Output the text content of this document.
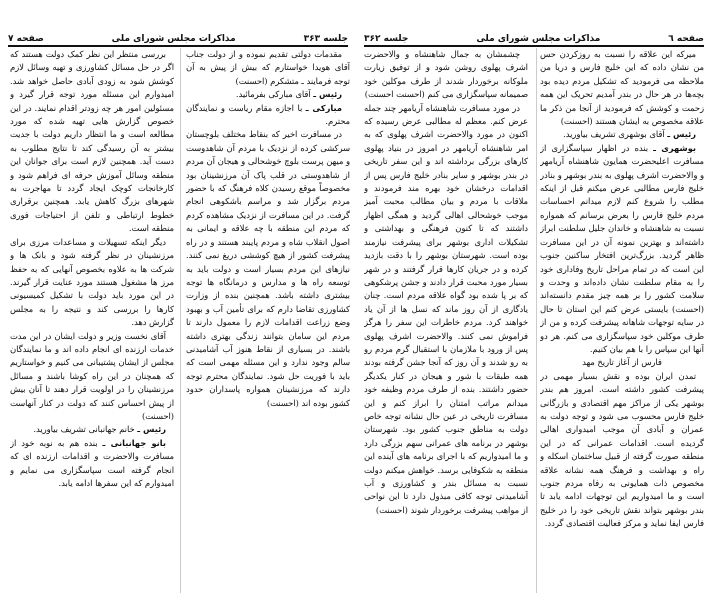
صفحه ٦
مذاکرات مجلس شورای ملی
جلسه ۳۶۲

میرکه این علاقه را نسبت به روزکردن حس من نشان داده که این خلیج فارس و دریا من ملاحظه می فرمودید که تشکیل مردم دیده بود بچه‌ها در هر حال در بندر آمدیم تحریک این همه زحمت و کوشش که فرمودید از آنجا من ذکر ما علاقه مخصوص به ایشان هستند (احسنت)

رئیس ـ آقای بوشهری تشریف بیاورید.

بوشهری ـ بنده در اظهار سپاسگزاری از مسافرت اعلیحضرت همایون شاهنشاه آریامهر و والاحضرت اشرف پهلوی به بندر بوشهر و بنادر خلیج فارس مطالبی عرض میکنم قبل از اینکه مطلب را شروع کنم لازم میدانم احساسات مردم خلیج فارس را بعرض برسانم که همواره نسبت به شاهنشاه و خاندان جلیل سلطنت ابراز داشته‌اند و بهترین نمونه آن در این مسافرت ظاهر گردید. بزرگ‌ترین افتخار ساکنین جنوب این است که در تمام مراحل تاریخ وفاداری خود را به مقام سلطنت نشان داده‌اند و وحدت و سلامت کشور را بر همه چیز مقدم دانسته‌اند (احسنت) بایستی عرض کنم این استان تا حال در سایه توجهات شاهانه پیشرفت کرده و من از طرف موکلین خود سپاسگزاری می کنم. هر دو آنها این سپاس را با هم بیان کنیم.

فارس از آغاز تاریخ مهد

تمدن ایران بوده و نقش بسیار مهمی در پیشرفت کشور داشته است. امروز هم بندر بوشهر یکی از مراکز مهم اقتصادی و بازرگانی خلیج فارس محسوب می شود و توجه دولت به عمران و آبادی آن موجب امیدواری اهالی گردیده است. اقدامات عمرانی که در این منطقه صورت گرفته از قبیل ساختمان اسکله و راه و بهداشت و فرهنگ همه نشانه علاقه مخصوص ذات همایونی به رفاه مردم جنوب است و ما امیدواریم این توجهات ادامه یابد تا بندر بوشهر بتواند نقش تاریخی خود را در خلیج فارس ایفا نماید و مرکز فعالیت اقتصادی گردد.

چشمشان به جمال شاهنشاه و والاحضرت اشرف پهلوی روشن شود و از توفیق زیارت ملوکانه برخوردار شدند از طرف موکلین خود صمیمانه سپاسگزاری می کنم (احسنت احسنت)

در مورد مسافرت شاهنشاه آریامهر چند جمله عرض کنم. معظم له مطالبی عرض رسیده که اکنون در مورد والاحضرت اشرف پهلوی که به امر شاهنشاه آریامهر در امروز در بنیاد پهلوی کارهای بزرگی برداشته اند و این سفر تاریخی در بندر بوشهر و سایر بنادر خلیج فارس پس از اقدامات درخشان خود بهره مند فرمودند و ملاقات با مردم و بیان مطالب محبت آمیز موجب خوشحالی اهالی گردید و همگی اظهار داشتند که تا کنون فرهنگی و بهداشتی و تشکیلات اداری بوشهر برای پیشرفت نیازمند بوده است. شهرستان بوشهر را با دقت بازدید کرده و در جریان کارها قرار گرفتند و در شهر بسیار مورد محبت قرار دادند و جشن پرشکوهی که بر پا شده بود گواه علاقه مردم است. چنان یادگاری از آن روز ماند که نسل ها از آن یاد خواهند کرد. مردم خاطرات این سفر را هرگز فراموش نمی کنند. والاحضرت اشرف پهلوی پس از ورود با ملازمان با استقبال گرم مردم رو به رو شدند و آن روز که آنجا جشن گرفته بودند همه طبقات با شور و هیجان در کنار یکدیگر حضور داشتند. بنده از طرف مردم وظیفه خود میدانم مراتب امتنان را ابراز کنم و این مسافرت تاریخی در عین حال نشانه توجه خاص دولت به مناطق جنوب کشور بود. شهرستان بوشهر در برنامه های عمرانی سهم بزرگی دارد و ما امیدواریم که با اجرای برنامه های آینده این منطقه به شکوفایی برسد. خواهش میکنم دولت نسبت به مسائل بندر و کشاورزی و آب آشامیدنی توجه کافی مبذول دارد تا این نواحی از مواهب پیشرفت برخوردار شوند (احسنت)

جلسه ۳۶۳
مذاکرات مجلس شورای ملی
صفحه ۷

مقدمات دولتی تقدیم نموده و از دولت جناب آقای هویدا خواستارم که بیش از پیش به آن توجه فرمایند ـ متشکرم (احسنت)

رئیس ـ آقای مبارکی بفرمائید.

مبارکی ـ با اجازه مقام ریاست و نمایندگان محترم.

در مسافرت اخیر که بنقاط مختلف بلوچستان سرکشی کرده از نزدیک با مردم آن شاهدوست و میهن پرست بلوچ خوشحالی و هیجان آن مردم از شاهدوستی در قلب پاک آن مرزنشینان بود مخصوصاً موقع رسیدن کلاه فرهنگ که با حضور مردم برگزار شد و مراسم باشکوهی انجام گرفت. در این مسافرت از نزدیک مشاهده کردم که مردم این منطقه با چه علاقه و ایمانی به اصول انقلاب شاه و مردم پایبند هستند و در راه پیشرفت کشور از هیچ کوششی دریغ نمی کنند. نیازهای این مردم بسیار است و دولت باید به توسعه راه ها و مدارس و درمانگاه ها توجه بیشتری داشته باشد. همچنین بنده از وزارت کشاورزی تقاضا دارم که برای تأمین آب و بهبود وضع زراعت اقدامات لازم را معمول دارند تا مردم این سامان بتوانند زندگی بهتری داشته باشند. در بسیاری از نقاط هنوز آب آشامیدنی سالم وجود ندارد و این مسئله مهمی است که باید با فوریت حل شود. نمایندگان محترم توجه دارند که مرزنشینان همواره پاسداران حدود کشور بوده اند (احسنت)

بررسی منتظر این نظر کمک دولت هستند که اگر در حل مسائل کشاورزی و تهیه وسائل لازم کوشش شود به زودی آبادی حاصل خواهد شد. امیدوارم این مسئله مورد توجه قرار گیرد و مسئولین امور هر چه زودتر اقدام نمایند. در این خصوص گزارش هایی تهیه شده که مورد مطالعه است و ما انتظار داریم دولت با جدیت بیشتر به آن رسیدگی کند تا نتایج مطلوب به دست آید. همچنین لازم است برای جوانان این منطقه وسائل آموزش حرفه ای فراهم شود و کارخانجات کوچک ایجاد گردد تا مهاجرت به شهرهای بزرگ کاهش یابد. همچنین برقراری خطوط ارتباطی و تلفن از احتیاجات فوری منطقه است.

دیگر اینکه تسهیلات و مساعدات مرزی برای مرزنشینان در نظر گرفته شود و بانک ها و شرکت ها به علاوه بخصوص آنهایی که به حفظ مرز ها مشغول هستند مورد عنایت قرار گیرند. در این مورد باید دولت با تشکیل کمیسیونی کارها را بررسی کند و نتیجه را به مجلس گزارش دهد.

آقای نخست وزیر و دولت ایشان در این مدت خدمات ارزنده ای انجام داده اند و ما نمایندگان مجلس از ایشان پشتیبانی می کنیم و خواستاریم که همچنان در این راه کوشا باشند و مسائل مرزنشینان را در اولویت قرار دهند تا آنان بیش از پیش احساس کنند که دولت در کنار آنهاست (احسنت)

رئیس ـ خانم جهانبانی تشریف بیاورید.

بانو جهانبانی ـ بنده هم به نوبه خود از مسافرت والاحضرت و اقدامات ارزنده ای که انجام گرفته است سپاسگزاری می نمایم و امیدوارم که این سفرها ادامه یابد.
